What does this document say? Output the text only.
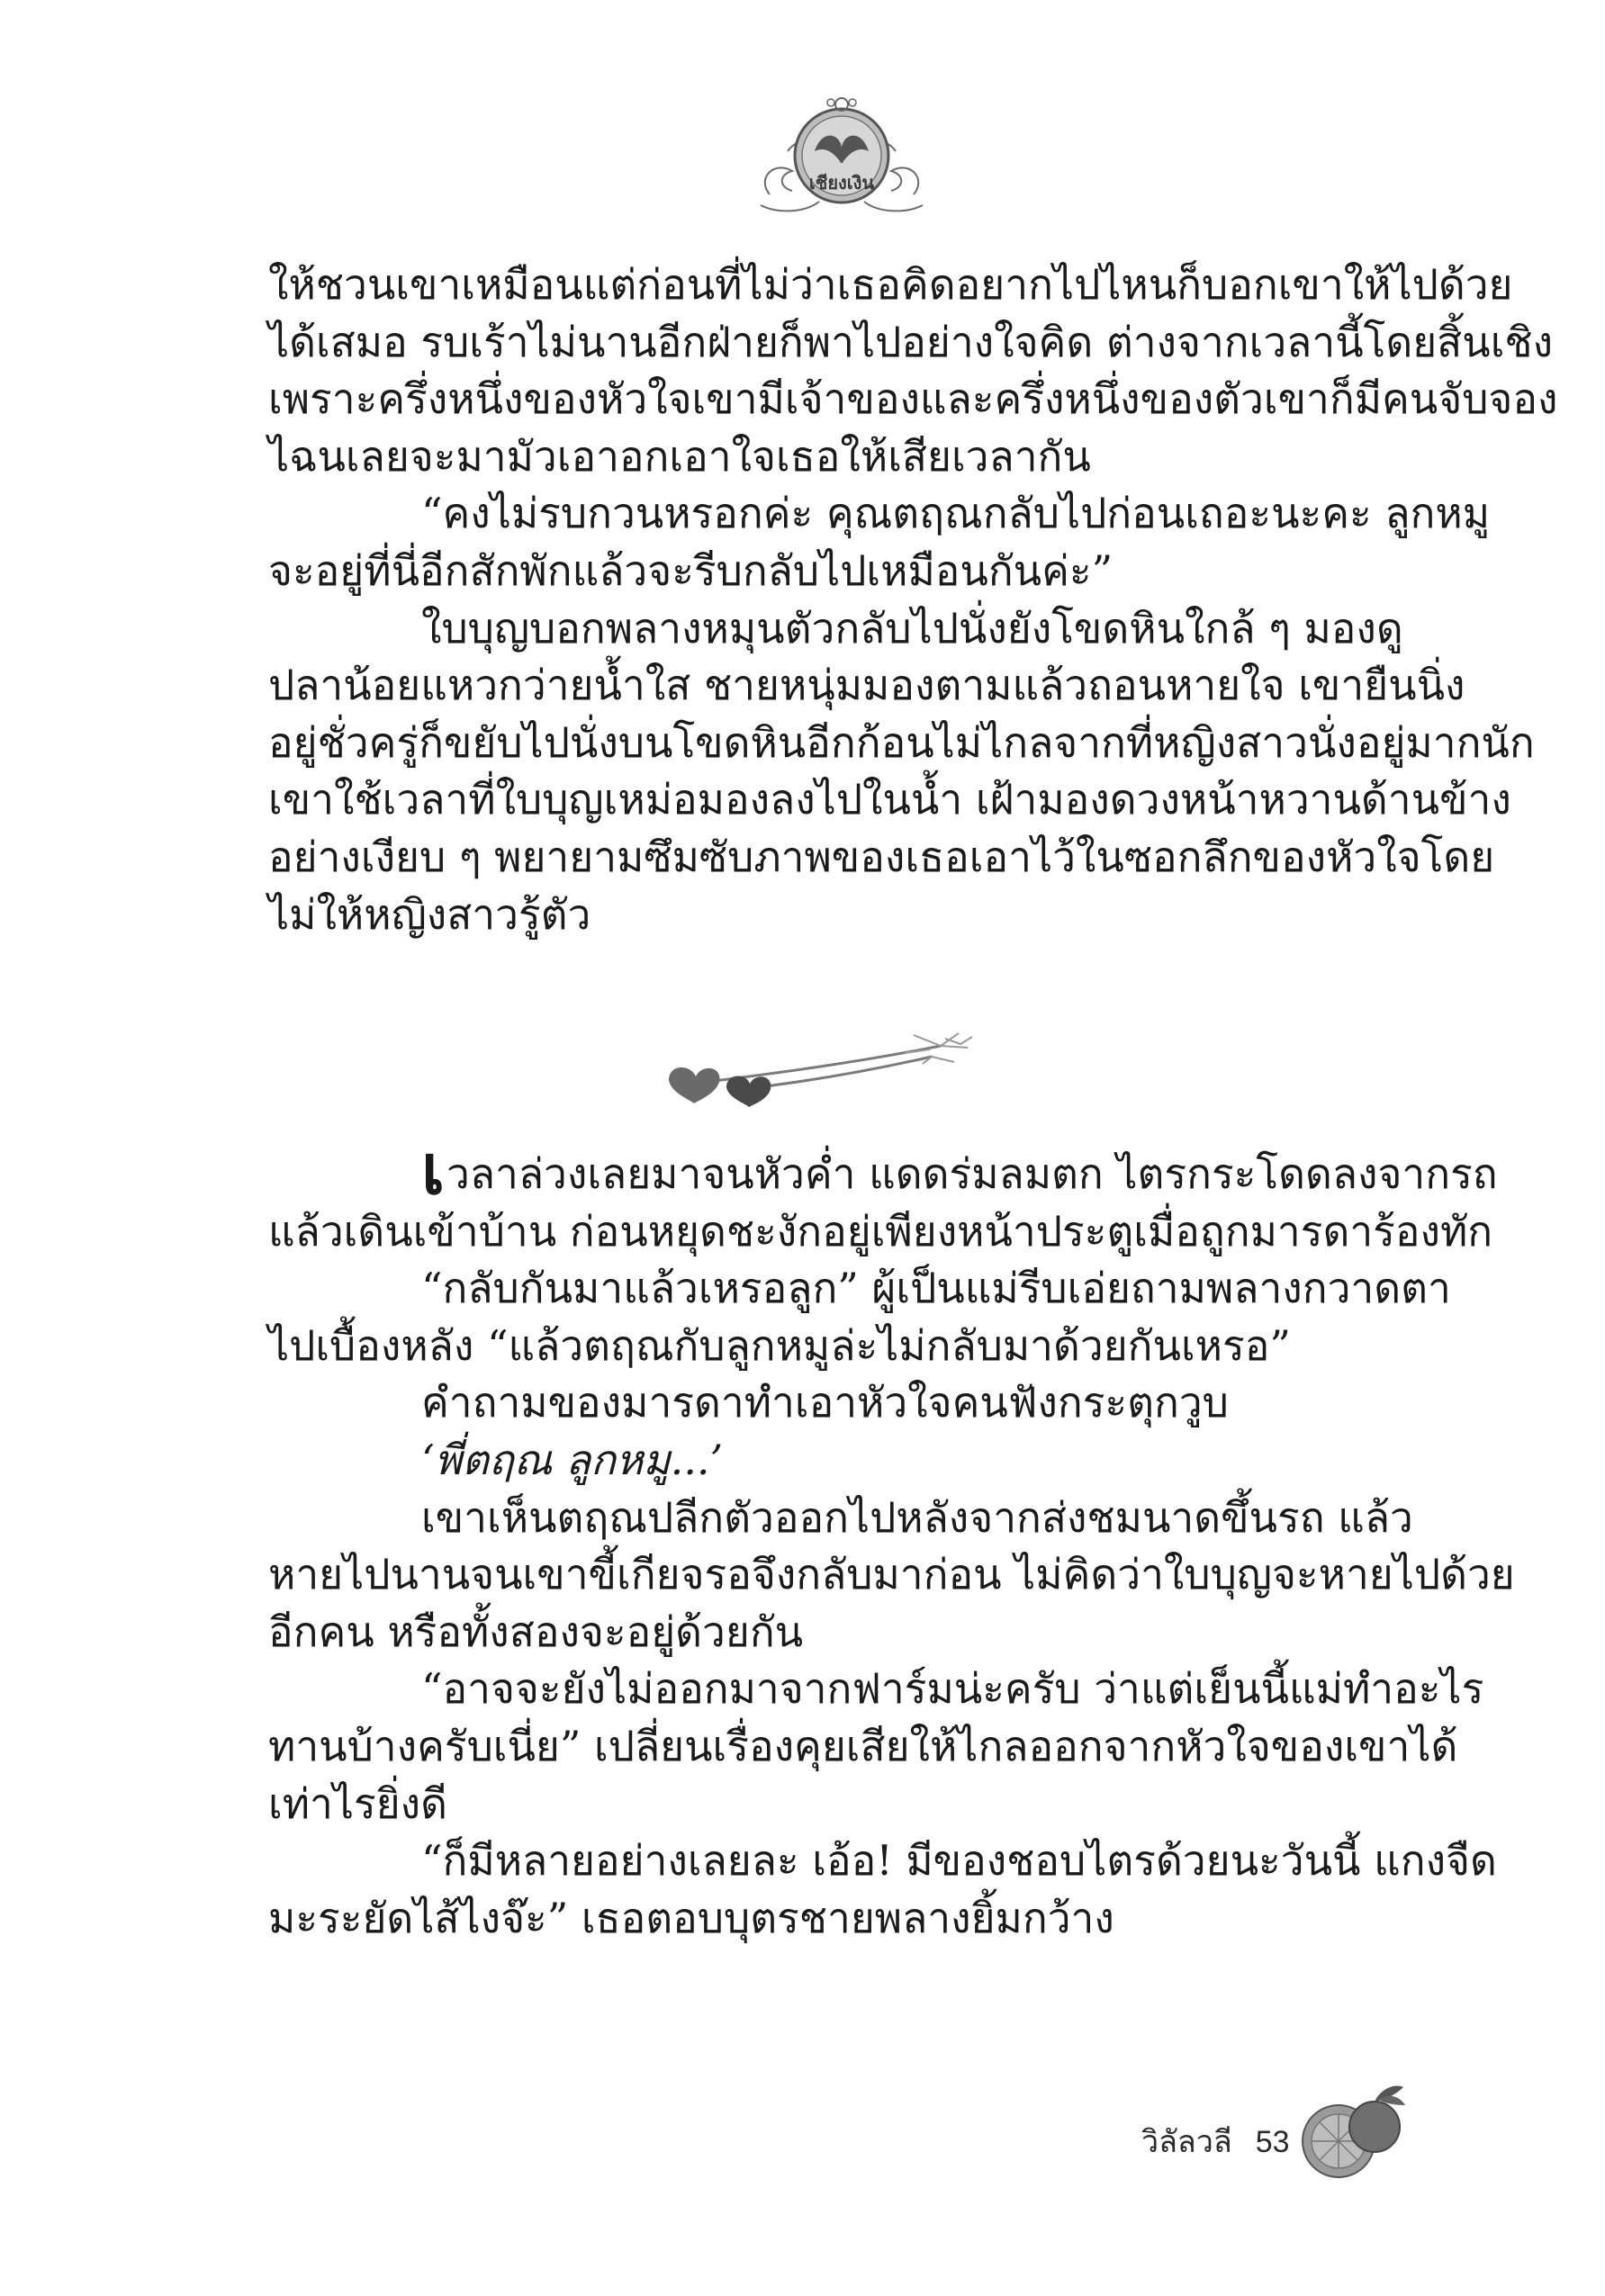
เชียงเงิน
ให้ชวนเขาเหมือนแต่ก่อนที่ไม่ว่าเธอคิดอยากไปไหนก็บอกเขาให้ไปด้วย
ได้เสมอ รบเร้าไม่นานอีกฝ่ายก็พาไปอย่างใจคิด ต่างจากเวลานี้โดยสิ้นเชิง
เพราะครึ่งหนึ่งของหัวใจเขามีเจ้าของและครึ่งหนึ่งของตัวเขาก็มีคนจับจอง
ไฉนเลยจะมามัวเอาอกเอาใจเธอให้เสียเวลากัน
“คงไม่รบกวนหรอกค่ะ คุณตฤณกลับไปก่อนเถอะนะคะ ลูกหมู
จะอยู่ที่นี่อีกสักพักแล้วจะรีบกลับไปเหมือนกันค่ะ”
ใบบุญบอกพลางหมุนตัวกลับไปนั่งยังโขดหินใกล้ ๆ มองดู
ปลาน้อยแหวกว่ายน้ำใส ชายหนุ่มมองตามแล้วถอนหายใจ เขายืนนิ่ง
อยู่ชั่วครู่ก็ขยับไปนั่งบนโขดหินอีกก้อนไม่ไกลจากที่หญิงสาวนั่งอยู่มากนัก
เขาใช้เวลาที่ใบบุญเหม่อมองลงไปในน้ำ เฝ้ามองดวงหน้าหวานด้านข้าง
อย่างเงียบ ๆ พยายามซึมซับภาพของเธอเอาไว้ในซอกลึกของหัวใจโดย
ไม่ให้หญิงสาวรู้ตัว
เวลาล่วงเลยมาจนหัวค่ำ แดดร่มลมตก ไตรกระโดดลงจากรถ
แล้วเดินเข้าบ้าน ก่อนหยุดชะงักอยู่เพียงหน้าประตูเมื่อถูกมารดาร้องทัก
“กลับกันมาแล้วเหรอลูก” ผู้เป็นแม่รีบเอ่ยถามพลางกวาดตา
ไปเบื้องหลัง “แล้วตฤณกับลูกหมูล่ะไม่กลับมาด้วยกันเหรอ”
คำถามของมารดาทำเอาหัวใจคนฟังกระตุกวูบ
‘พี่ตฤณ ลูกหมู...’
เขาเห็นตฤณปลีกตัวออกไปหลังจากส่งชมนาดขึ้นรถ แล้ว
หายไปนานจนเขาขี้เกียจรอจึงกลับมาก่อน ไม่คิดว่าใบบุญจะหายไปด้วย
อีกคน หรือทั้งสองจะอยู่ด้วยกัน
“อาจจะยังไม่ออกมาจากฟาร์มน่ะครับ ว่าแต่เย็นนี้แม่ทำอะไร
ทานบ้างครับเนี่ย” เปลี่ยนเรื่องคุยเสียให้ไกลออกจากหัวใจของเขาได้
เท่าไรยิ่งดี
“ก็มีหลายอย่างเลยละ เอ้อ! มีของชอบไตรด้วยนะวันนี้ แกงจืด
มะระยัดไส้ไงจ๊ะ” เธอตอบบุตรชายพลางยิ้มกว้าง
วิลัลวลี 53
